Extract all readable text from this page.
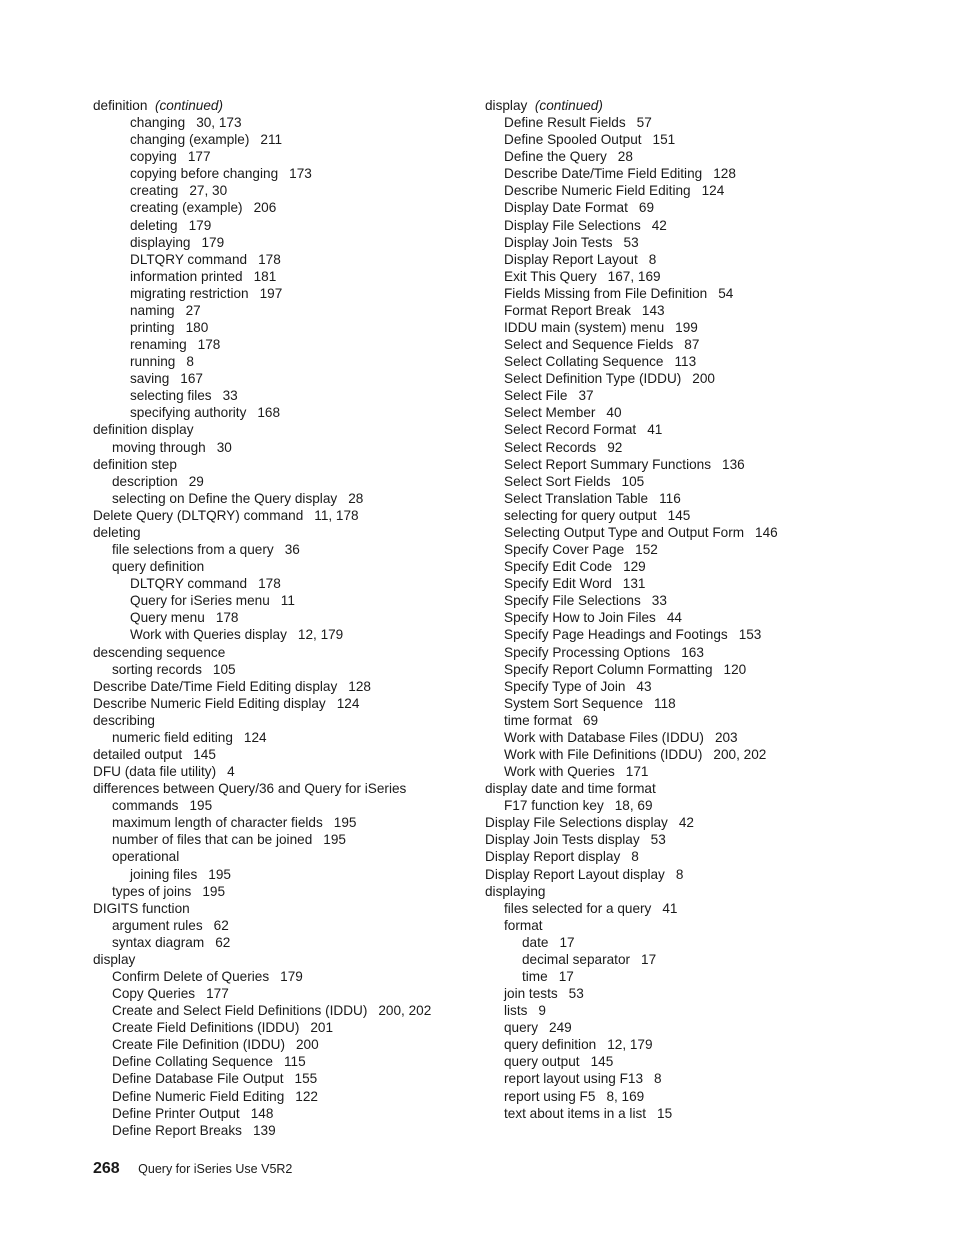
definition (continued)
changing 30, 173
changing (example) 211
copying 177
copying before changing 173
creating 27, 30
creating (example) 206
deleting 179
displaying 179
DLTQRY command 178
information printed 181
migrating restriction 197
naming 27
printing 180
renaming 178
running 8
saving 167
selecting files 33
specifying authority 168
definition display
moving through 30
definition step
description 29
selecting on Define the Query display 28
Delete Query (DLTQRY) command 11, 178
deleting
file selections from a query 36
query definition
DLTQRY command 178
Query for iSeries menu 11
Query menu 178
Work with Queries display 12, 179
descending sequence
sorting records 105
Describe Date/Time Field Editing display 128
Describe Numeric Field Editing display 124
describing
numeric field editing 124
detailed output 145
DFU (data file utility) 4
differences between Query/36 and Query for iSeries
commands 195
maximum length of character fields 195
number of files that can be joined 195
operational
joining files 195
types of joins 195
DIGITS function
argument rules 62
syntax diagram 62
display
Confirm Delete of Queries 179
Copy Queries 177
Create and Select Field Definitions (IDDU) 200, 202
Create Field Definitions (IDDU) 201
Create File Definition (IDDU) 200
Define Collating Sequence 115
Define Database File Output 155
Define Numeric Field Editing 122
Define Printer Output 148
Define Report Breaks 139
display (continued)
Define Result Fields 57
Define Spooled Output 151
Define the Query 28
Describe Date/Time Field Editing 128
Describe Numeric Field Editing 124
Display Date Format 69
Display File Selections 42
Display Join Tests 53
Display Report Layout 8
Exit This Query 167, 169
Fields Missing from File Definition 54
Format Report Break 143
IDDU main (system) menu 199
Select and Sequence Fields 87
Select Collating Sequence 113
Select Definition Type (IDDU) 200
Select File 37
Select Member 40
Select Record Format 41
Select Records 92
Select Report Summary Functions 136
Select Sort Fields 105
Select Translation Table 116
selecting for query output 145
Selecting Output Type and Output Form 146
Specify Cover Page 152
Specify Edit Code 129
Specify Edit Word 131
Specify File Selections 33
Specify How to Join Files 44
Specify Page Headings and Footings 153
Specify Processing Options 163
Specify Report Column Formatting 120
Specify Type of Join 43
System Sort Sequence 118
time format 69
Work with Database Files (IDDU) 203
Work with File Definitions (IDDU) 200, 202
Work with Queries 171
display date and time format
F17 function key 18, 69
Display File Selections display 42
Display Join Tests display 53
Display Report display 8
Display Report Layout display 8
displaying
files selected for a query 41
format
date 17
decimal separator 17
time 17
join tests 53
lists 9
query 249
query definition 12, 179
query output 145
report layout using F13 8
report using F5 8, 169
text about items in a list 15
268 Query for iSeries Use V5R2
